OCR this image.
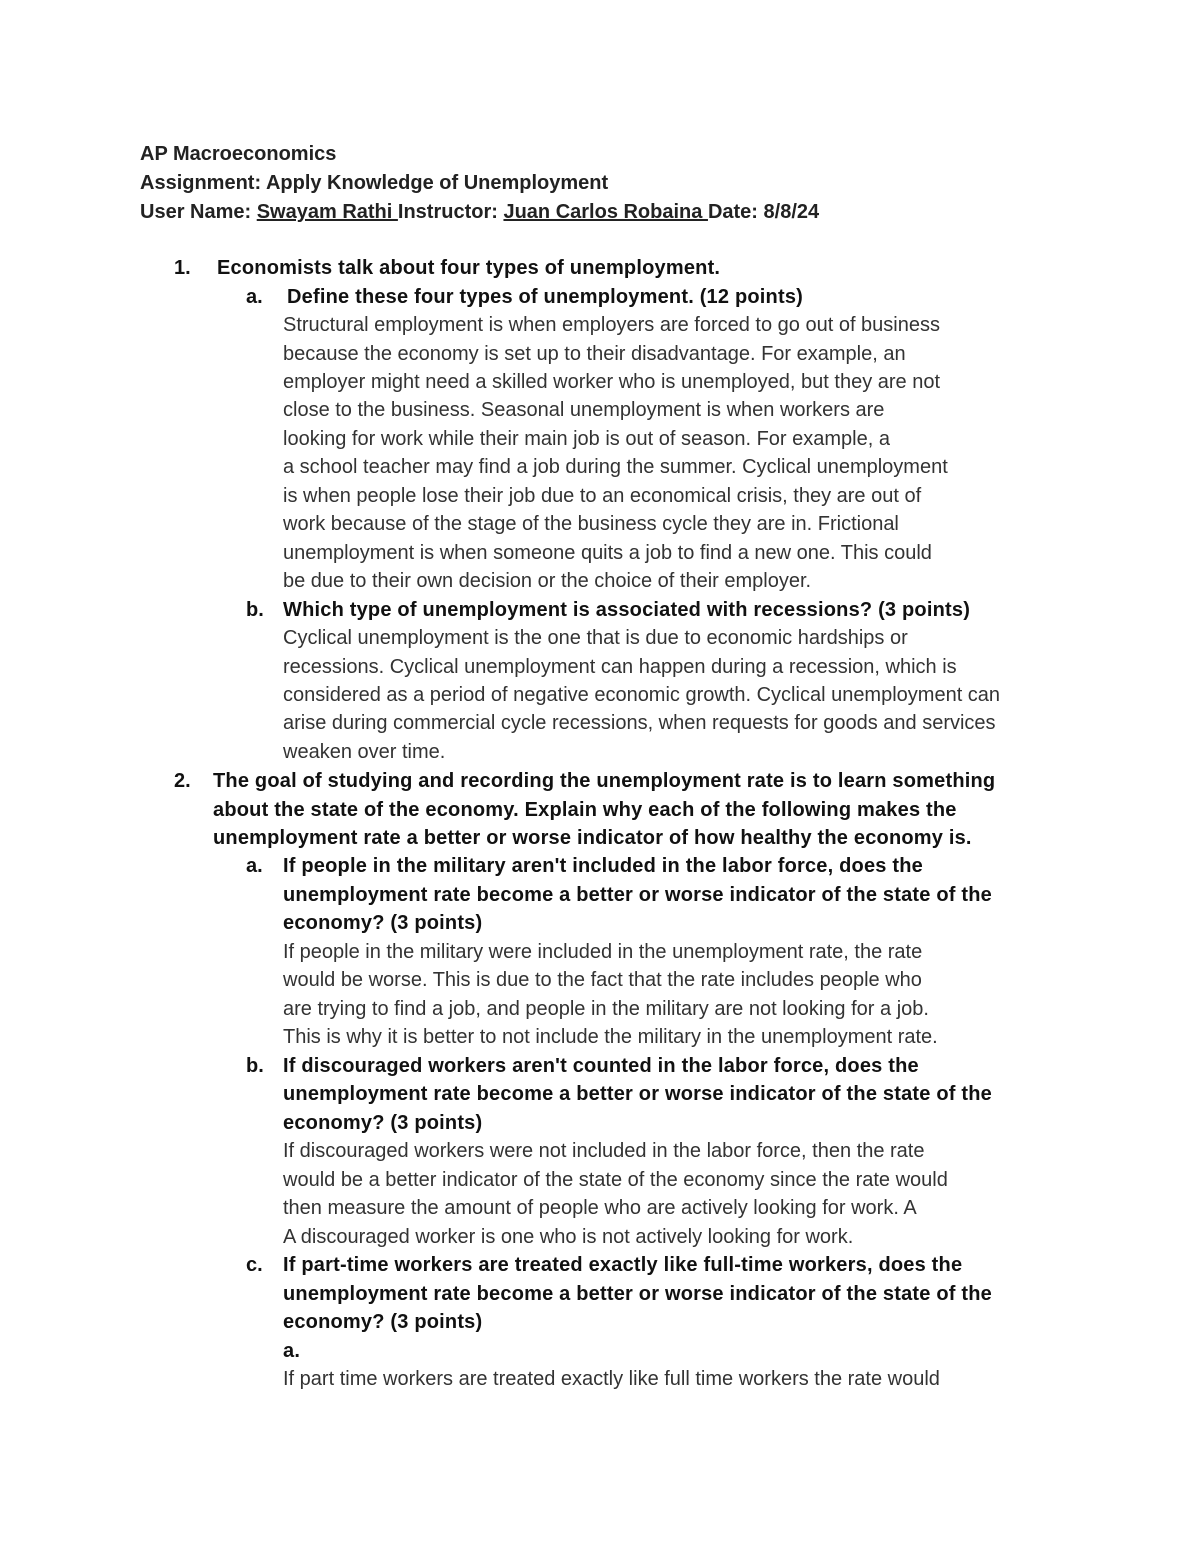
AP Macroeconomics
Assignment: Apply Knowledge of Unemployment
User Name: Swayam Rathi Instructor: Juan Carlos Robaina Date: 8/8/24
1. Economists talk about four types of unemployment.
a. Define these four types of unemployment. (12 points)
Structural employment is when employers are forced to go out of business
because the economy is set up to their disadvantage. For example, an
employer might need a skilled worker who is unemployed, but they are not
close to the business. Seasonal unemployment is when workers are
looking for work while their main job is out of season. For example, a
a school teacher may find a job during the summer. Cyclical unemployment
is when people lose their job due to an economical crisis, they are out of
work because of the stage of the business cycle they are in. Frictional
unemployment is when someone quits a job to find a new one. This could
be due to their own decision or the choice of their employer.
b. Which type of unemployment is associated with recessions? (3 points)
Cyclical unemployment is the one that is due to economic hardships or
recessions. Cyclical unemployment can happen during a recession, which is
considered as a period of negative economic growth. Cyclical unemployment can
arise during commercial cycle recessions, when requests for goods and services
weaken over time.
2. The goal of studying and recording the unemployment rate is to learn something
about the state of the economy. Explain why each of the following makes the
unemployment rate a better or worse indicator of how healthy the economy is.
a. If people in the military aren't included in the labor force, does the
unemployment rate become a better or worse indicator of the state of the
economy? (3 points)
If people in the military were included in the unemployment rate, the rate
would be worse. This is due to the fact that the rate includes people who
are trying to find a job, and people in the military are not looking for a job.
This is why it is better to not include the military in the unemployment rate.
b. If discouraged workers aren't counted in the labor force, does the
unemployment rate become a better or worse indicator of the state of the
economy? (3 points)
If discouraged workers were not included in the labor force, then the rate
would be a better indicator of the state of the economy since the rate would
then measure the amount of people who are actively looking for work. A
A discouraged worker is one who is not actively looking for work.
c. If part-time workers are treated exactly like full-time workers, does the
unemployment rate become a better or worse indicator of the state of the
economy? (3 points)
a.
If part time workers are treated exactly like full time workers the rate would
